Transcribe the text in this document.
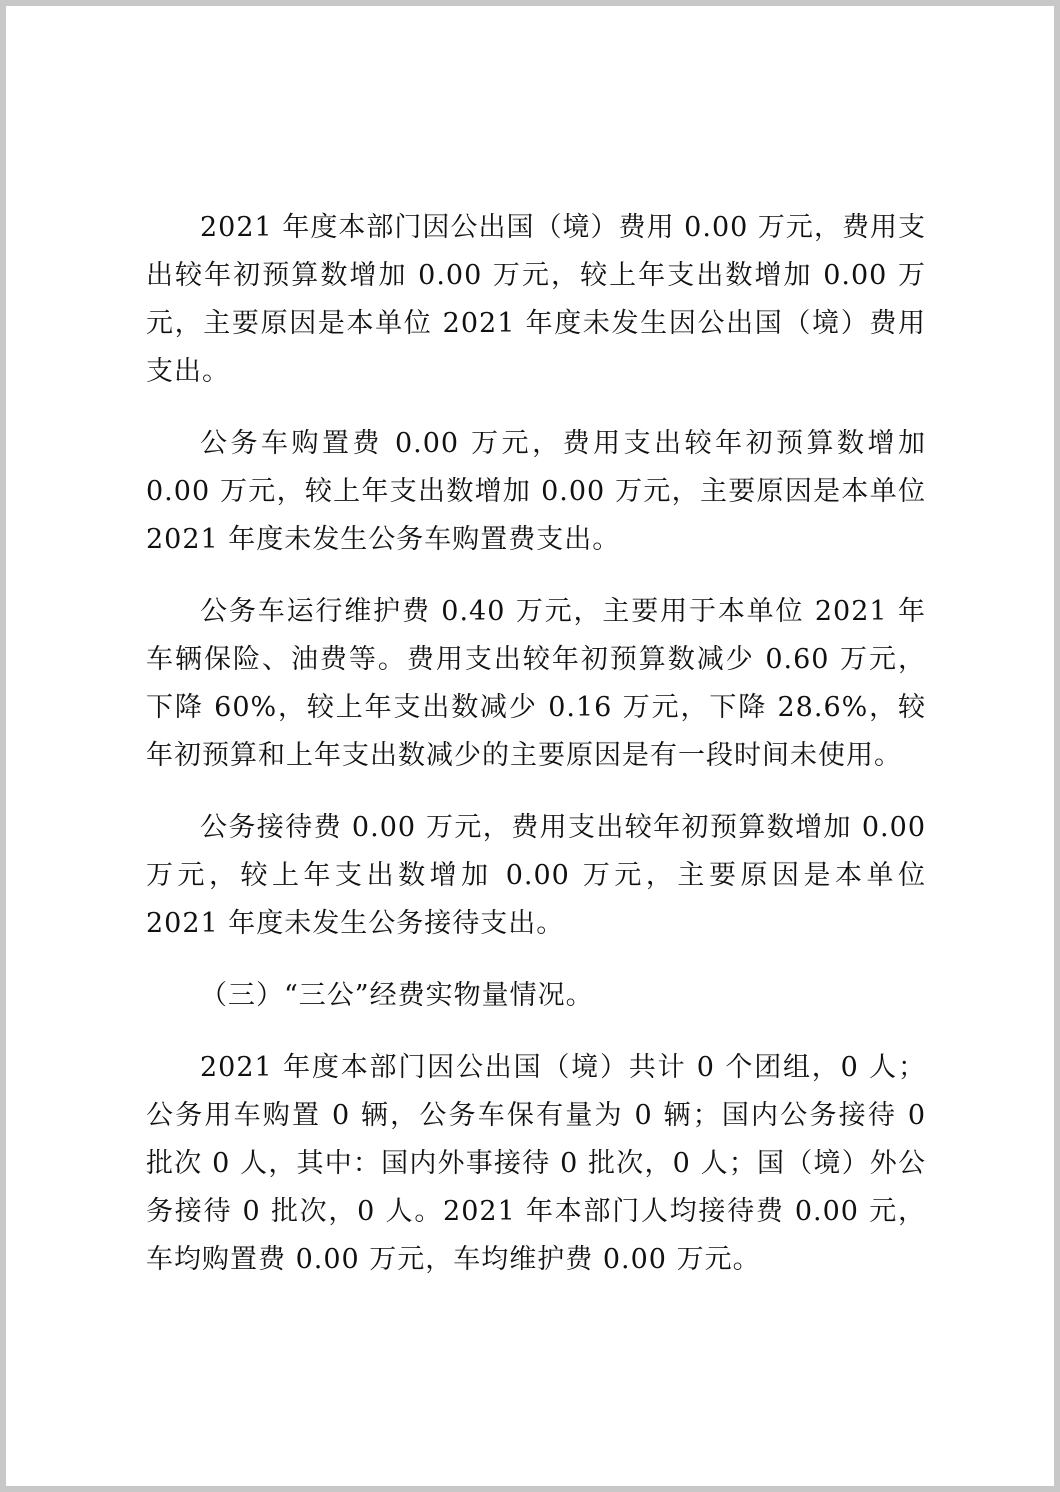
2021 年度本部门因公出国（境）费用 0.00 万元，费用支出较年初预算数增加 0.00 万元，较上年支出数增加 0.00 万元，主要原因是本单位 2021 年度未发生因公出国（境）费用支出。

公务车购置费 0.00 万元，费用支出较年初预算数增加 0.00 万元，较上年支出数增加 0.00 万元，主要原因是本单位 2021 年度未发生公务车购置费支出。

公务车运行维护费 0.40 万元，主要用于本单位 2021 年车辆保险、油费等。费用支出较年初预算数减少 0.60 万元，下降 60%，较上年支出数减少 0.16 万元，下降 28.6%，较年初预算和上年支出数减少的主要原因是有一段时间未使用。

公务接待费 0.00 万元，费用支出较年初预算数增加 0.00 万元，较上年支出数增加 0.00 万元，主要原因是本单位 2021 年度未发生公务接待支出。

（三）“三公”经费实物量情况。

2021 年度本部门因公出国（境）共计 0 个团组，0 人；公务用车购置 0 辆，公务车保有量为 0 辆；国内公务接待 0 批次 0 人，其中：国内外事接待 0 批次，0 人；国（境）外公务接待 0 批次，0 人。2021 年本部门人均接待费 0.00 元，车均购置费 0.00 万元，车均维护费 0.00 万元。
